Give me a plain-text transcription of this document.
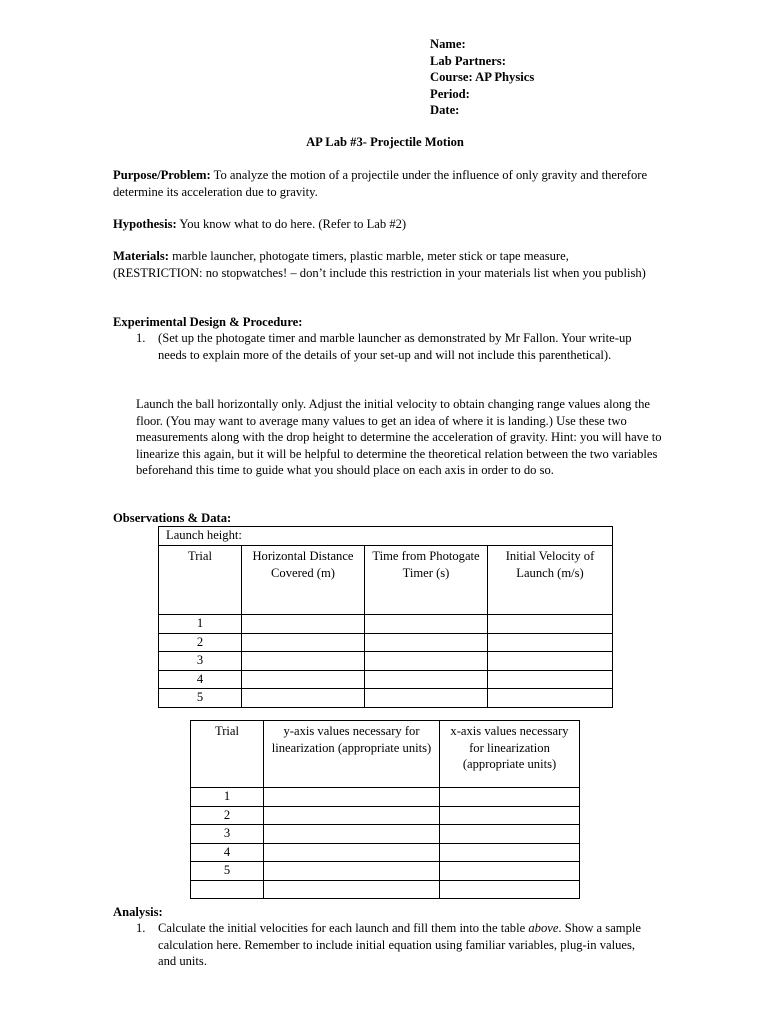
Name:
Lab Partners:
Course: AP Physics
Period:
Date:
AP Lab #3- Projectile Motion
Purpose/Problem: To analyze the motion of a projectile under the influence of only gravity and therefore determine its acceleration due to gravity.
Hypothesis: You know what to do here. (Refer to Lab #2)
Materials: marble launcher, photogate timers, plastic marble, meter stick or tape measure, (RESTRICTION: no stopwatches! – don’t include this restriction in your materials list when you publish)
Experimental Design & Procedure:
1. (Set up the photogate timer and marble launcher as demonstrated by Mr Fallon. Your write-up needs to explain more of the details of your set-up and will not include this parenthetical).
Launch the ball horizontally only. Adjust the initial velocity to obtain changing range values along the floor. (You may want to average many values to get an idea of where it is landing.) Use these two measurements along with the drop height to determine the acceleration of gravity. Hint: you will have to linearize this again, but it will be helpful to determine the theoretical relation between the two variables beforehand this time to guide what you should place on each axis in order to do so.
Observations & Data:
Launch height:			
Trial	Horizontal Distance Covered (m)	Time from Photogate Timer (s)	Initial Velocity of Launch (m/s)
1			
2			
3			
4			
5			
Trial	y-axis values necessary for linearization (appropriate units)	x-axis values necessary for linearization (appropriate units)
1		
2		
3		
4		
5		

Analysis:
1. Calculate the initial velocities for each launch and fill them into the table above. Show a sample calculation here. Remember to include initial equation using familiar variables, plug-in values, and units.
